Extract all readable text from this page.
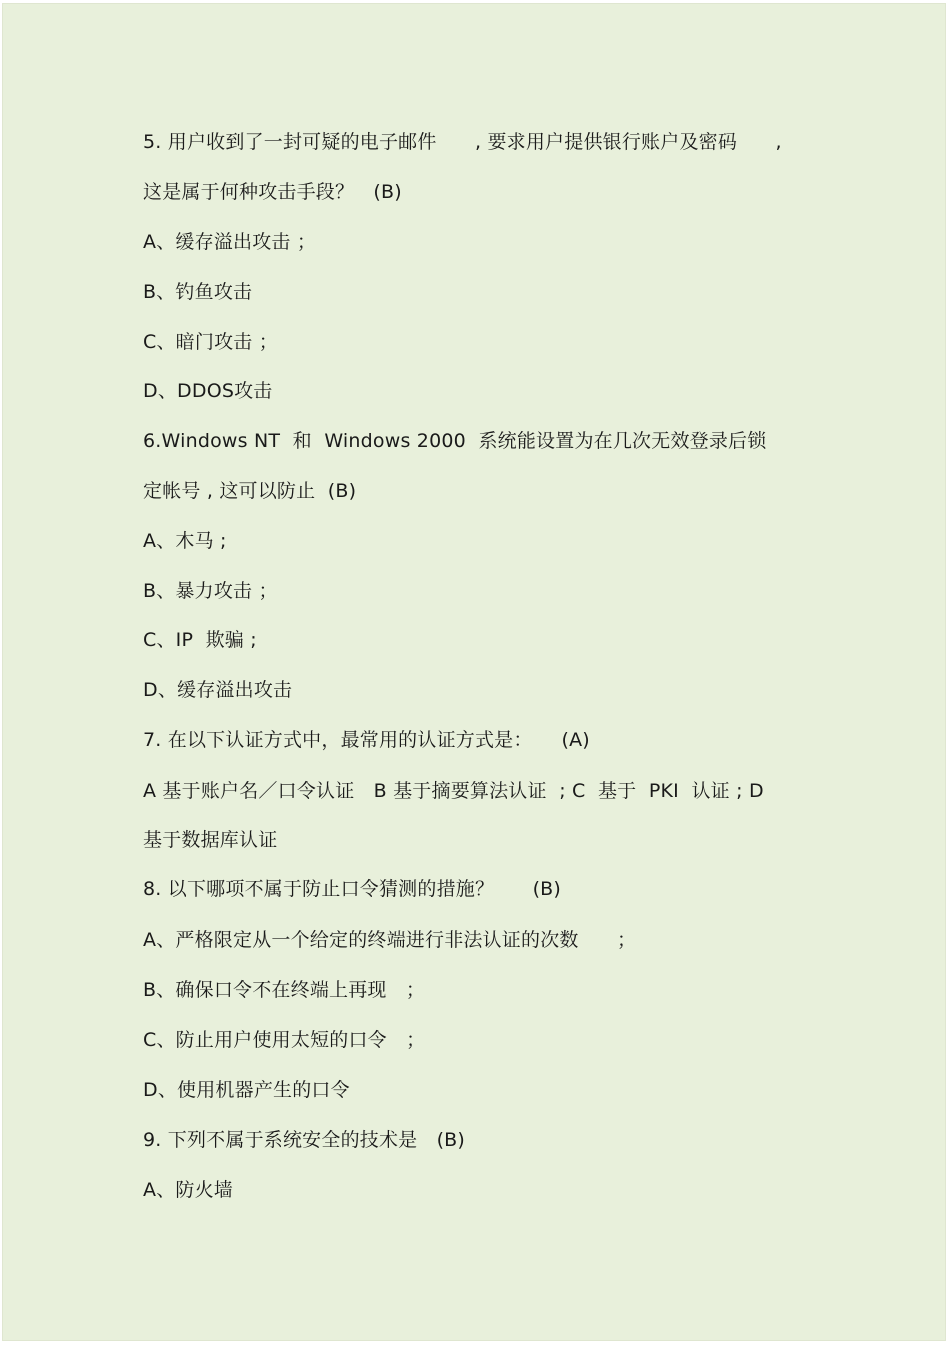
5. 用户收到了一封可疑的电子邮件　　, 要求用户提供银行账户及密码　　,

这是属于何种攻击手段？　(B)

A、缓存溢出攻击 ；

B、钓鱼攻击

C、暗门攻击 ；

D、DDOS攻击

6.Windows NT  和  Windows 2000  系统能设置为在几次无效登录后锁

定帐号 , 这可以防止  (B)

A、木马 ;

B、暴力攻击 ；

C、IP  欺骗 ;

D、缓存溢出攻击

7. 在以下认证方式中，最常用的认证方式是：　　(A)

A 基于账户名／口令认证　B 基于摘要算法认证  ; C  基于  PKI  认证 ; D

基于数据库认证

8. 以下哪项不属于防止口令猜测的措施？　　(B)

A、严格限定从一个给定的终端进行非法认证的次数　　；

B、确保口令不在终端上再现　；

C、防止用户使用太短的口令　；

D、使用机器产生的口令

9. 下列不属于系统安全的技术是　(B)

A、防火墙
